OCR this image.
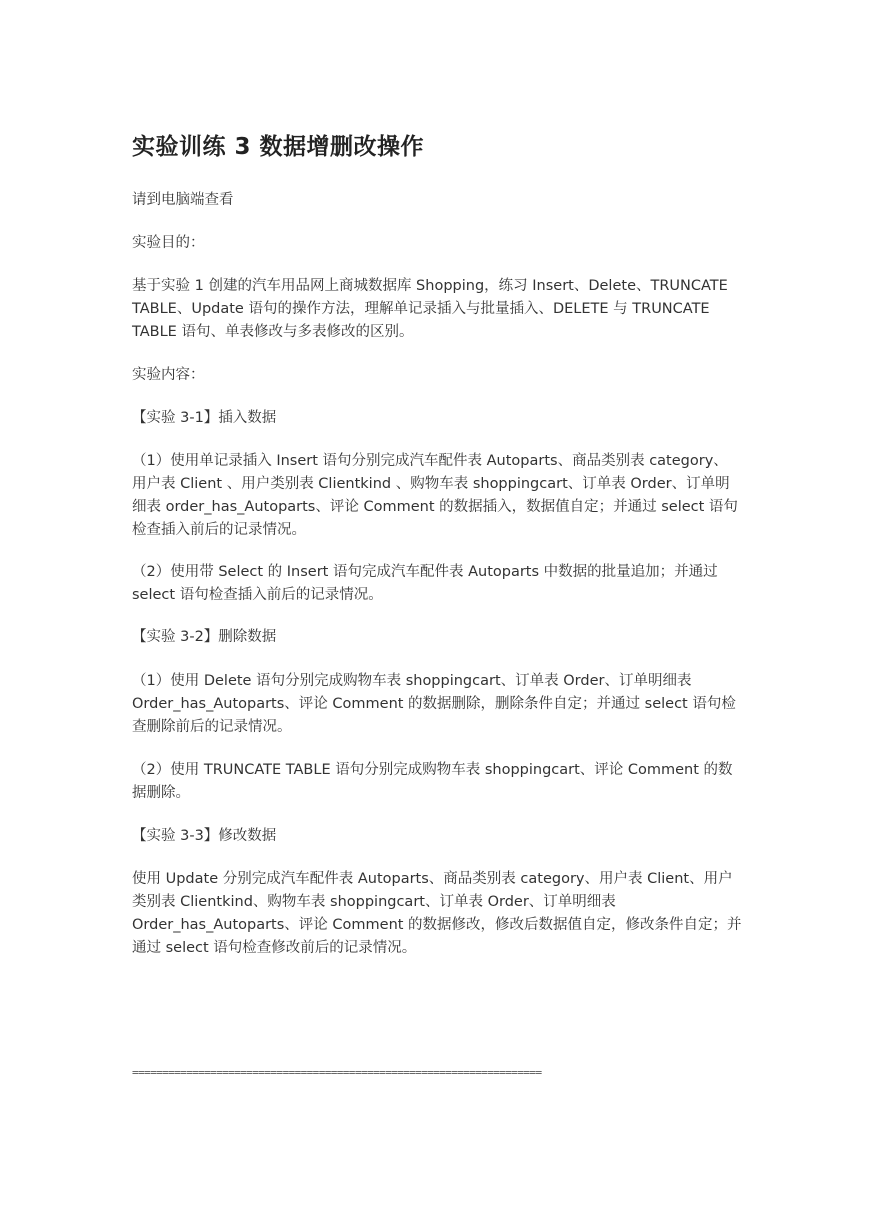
实验训练 3 数据增删改操作
请到电脑端查看
实验目的：
基于实验 1 创建的汽车用品网上商城数据库 Shopping，练习 Insert、Delete、TRUNCATE TABLE、Update 语句的操作方法，理解单记录插入与批量插入、DELETE 与 TRUNCATE TABLE 语句、单表修改与多表修改的区别。
实验内容：
【实验 3-1】插入数据
（1）使用单记录插入 Insert 语句分别完成汽车配件表 Autoparts、商品类别表 category、用户表 Client 、用户类别表 Clientkind 、购物车表 shoppingcart、订单表 Order、订单明细表 order_has_Autoparts、评论 Comment 的数据插入，数据值自定；并通过 select 语句检查插入前后的记录情况。
（2）使用带 Select 的 Insert 语句完成汽车配件表 Autoparts 中数据的批量追加；并通过 select 语句检查插入前后的记录情况。
【实验 3-2】删除数据
（1）使用 Delete 语句分别完成购物车表 shoppingcart、订单表 Order、订单明细表 Order_has_Autoparts、评论 Comment 的数据删除，删除条件自定；并通过 select 语句检查删除前后的记录情况。
（2）使用 TRUNCATE TABLE 语句分别完成购物车表 shoppingcart、评论 Comment 的数据删除。
【实验 3-3】修改数据
使用 Update 分别完成汽车配件表 Autoparts、商品类别表 category、用户表 Client、用户类别表 Clientkind、购物车表 shoppingcart、订单表 Order、订单明细表 Order_has_Autoparts、评论 Comment 的数据修改，修改后数据值自定，修改条件自定；并通过 select 语句检查修改前后的记录情况。
====================================================================
